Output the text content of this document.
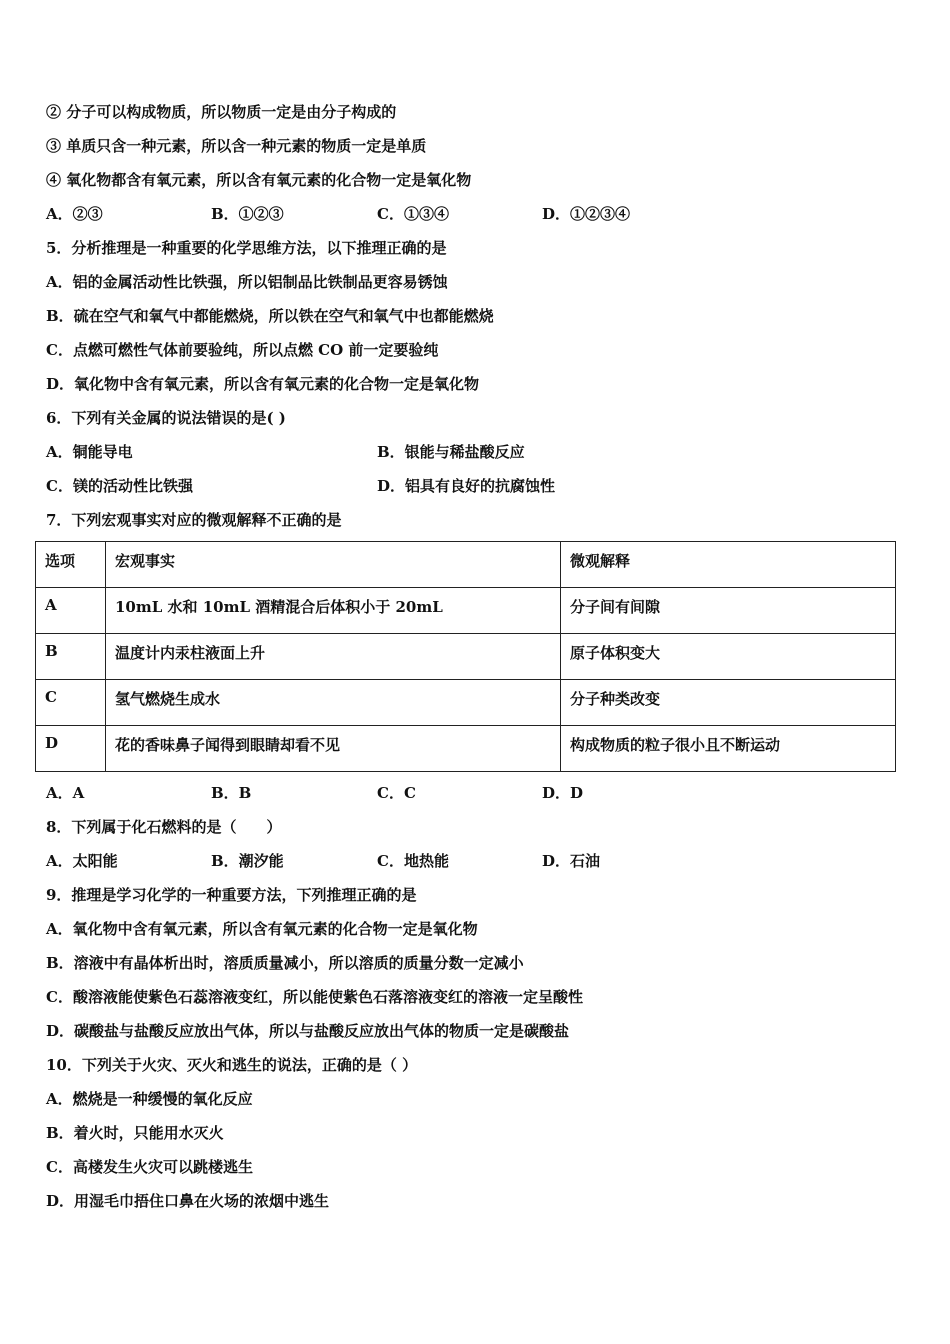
② 分子可以构成物质，所以物质一定是由分子构成的
③ 单质只含一种元素，所以含一种元素的物质一定是单质
④ 氧化物都含有氧元素，所以含有氧元素的化合物一定是氧化物
A．②③	B．①②③	C．①③④	D．①②③④
5．分析推理是一种重要的化学思维方法，以下推理正确的是
A．铝的金属活动性比铁强，所以铝制品比铁制品更容易锈蚀
B．硫在空气和氧气中都能燃烧，所以铁在空气和氧气中也都能燃烧
C．点燃可燃性气体前要验纯，所以点燃 CO 前一定要验纯
D．氧化物中含有氧元素，所以含有氧元素的化合物一定是氧化物
6．下列有关金属的说法错误的是( )
A．铜能导电	B．银能与稀盐酸反应
C．镁的活动性比铁强	D．铝具有良好的抗腐蚀性
7．下列宏观事实对应的微观解释不正确的是
选项	宏观事实	微观解释
A	10mL 水和 10mL 酒精混合后体积小于 20mL	分子间有间隙
B	温度计内汞柱液面上升	原子体积变大
C	氢气燃烧生成水	分子种类改变
D	花的香味鼻子闻得到眼睛却看不见	构成物质的粒子很小且不断运动
A．A	B．B	C．C	D．D
8．下列属于化石燃料的是（　　）
A．太阳能	B．潮汐能	C．地热能	D．石油
9．推理是学习化学的一种重要方法，下列推理正确的是
A．氧化物中含有氧元素，所以含有氧元素的化合物一定是氧化物
B．溶液中有晶体析出时，溶质质量减小，所以溶质的质量分数一定减小
C．酸溶液能使紫色石蕊溶液变红，所以能使紫色石落溶液变红的溶液一定呈酸性
D．碳酸盐与盐酸反应放出气体，所以与盐酸反应放出气体的物质一定是碳酸盐
10．下列关于火灾、灭火和逃生的说法，正确的是（ ）
A．燃烧是一种缓慢的氧化反应
B．着火时，只能用水灭火
C．高楼发生火灾可以跳楼逃生
D．用湿毛巾捂住口鼻在火场的浓烟中逃生
